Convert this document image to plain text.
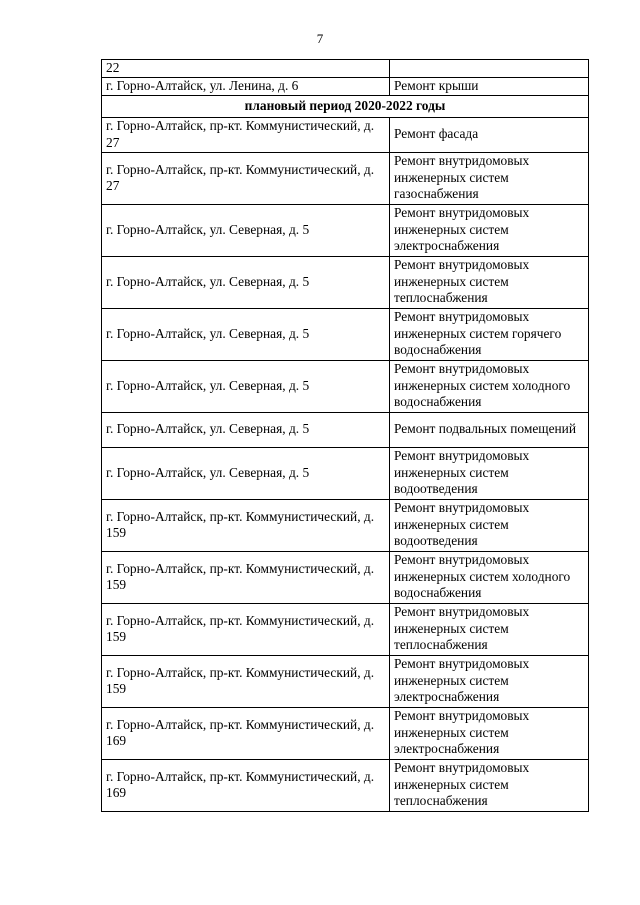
7
22	
г. Горно-Алтайск, ул. Ленина, д. 6	Ремонт крыши
плановый период 2020-2022 годы	
г. Горно-Алтайск, пр-кт. Коммунистический, д. 27	Ремонт фасада
г. Горно-Алтайск, пр-кт. Коммунистический, д. 27	Ремонт внутридомовых инженерных систем газоснабжения
г. Горно-Алтайск, ул. Северная, д. 5	Ремонт внутридомовых инженерных систем электроснабжения
г. Горно-Алтайск, ул. Северная, д. 5	Ремонт внутридомовых инженерных систем теплоснабжения
г. Горно-Алтайск, ул. Северная, д. 5	Ремонт внутридомовых инженерных систем горячего водоснабжения
г. Горно-Алтайск, ул. Северная, д. 5	Ремонт внутридомовых инженерных систем холодного водоснабжения
г. Горно-Алтайск, ул. Северная, д. 5	Ремонт подвальных помещений
г. Горно-Алтайск, ул. Северная, д. 5	Ремонт внутридомовых инженерных систем водоотведения
г. Горно-Алтайск, пр-кт. Коммунистический, д. 159	Ремонт внутридомовых инженерных систем водоотведения
г. Горно-Алтайск, пр-кт. Коммунистический, д. 159	Ремонт внутридомовых инженерных систем холодного водоснабжения
г. Горно-Алтайск, пр-кт. Коммунистический, д. 159	Ремонт внутридомовых инженерных систем теплоснабжения
г. Горно-Алтайск, пр-кт. Коммунистический, д. 159	Ремонт внутридомовых инженерных систем электроснабжения
г. Горно-Алтайск, пр-кт. Коммунистический, д. 169	Ремонт внутридомовых инженерных систем электроснабжения
г. Горно-Алтайск, пр-кт. Коммунистический, д. 169	Ремонт внутридомовых инженерных систем теплоснабжения
